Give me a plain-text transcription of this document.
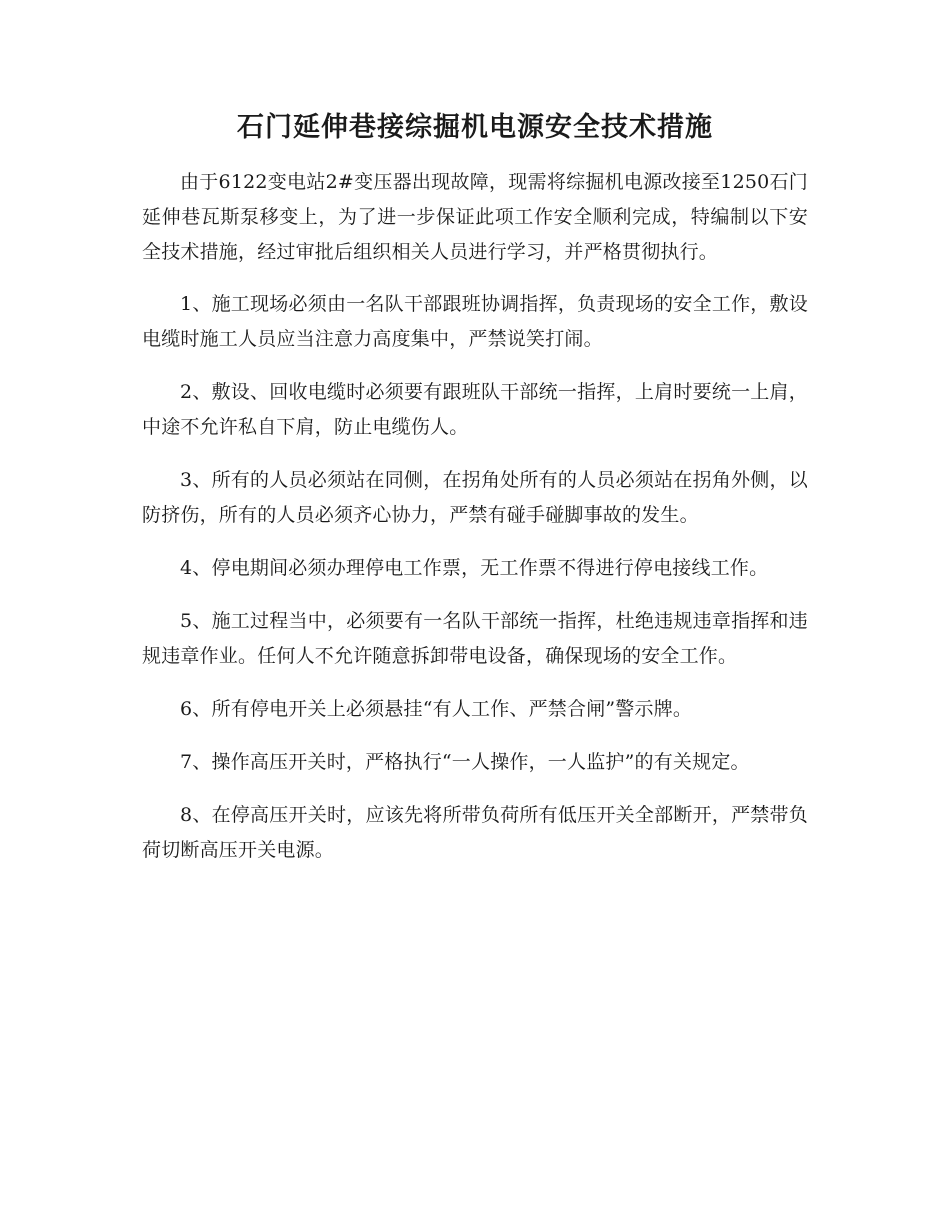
石门延伸巷接综掘机电源安全技术措施

由于6122变电站2#变压器出现故障，现需将综掘机电源改接至1250石门延伸巷瓦斯泵移变上，为了进一步保证此项工作安全顺利完成，特编制以下安全技术措施，经过审批后组织相关人员进行学习，并严格贯彻执行。

1、施工现场必须由一名队干部跟班协调指挥，负责现场的安全工作，敷设电缆时施工人员应当注意力高度集中，严禁说笑打闹。

2、敷设、回收电缆时必须要有跟班队干部统一指挥，上肩时要统一上肩，中途不允许私自下肩，防止电缆伤人。

3、所有的人员必须站在同侧，在拐角处所有的人员必须站在拐角外侧，以防挤伤，所有的人员必须齐心协力，严禁有碰手碰脚事故的发生。

4、停电期间必须办理停电工作票，无工作票不得进行停电接线工作。

5、施工过程当中，必须要有一名队干部统一指挥，杜绝违规违章指挥和违规违章作业。任何人不允许随意拆卸带电设备，确保现场的安全工作。

6、所有停电开关上必须悬挂“有人工作、严禁合闸”警示牌。

7、操作高压开关时，严格执行“一人操作，一人监护”的有关规定。

8、在停高压开关时，应该先将所带负荷所有低压开关全部断开，严禁带负荷切断高压开关电源。
